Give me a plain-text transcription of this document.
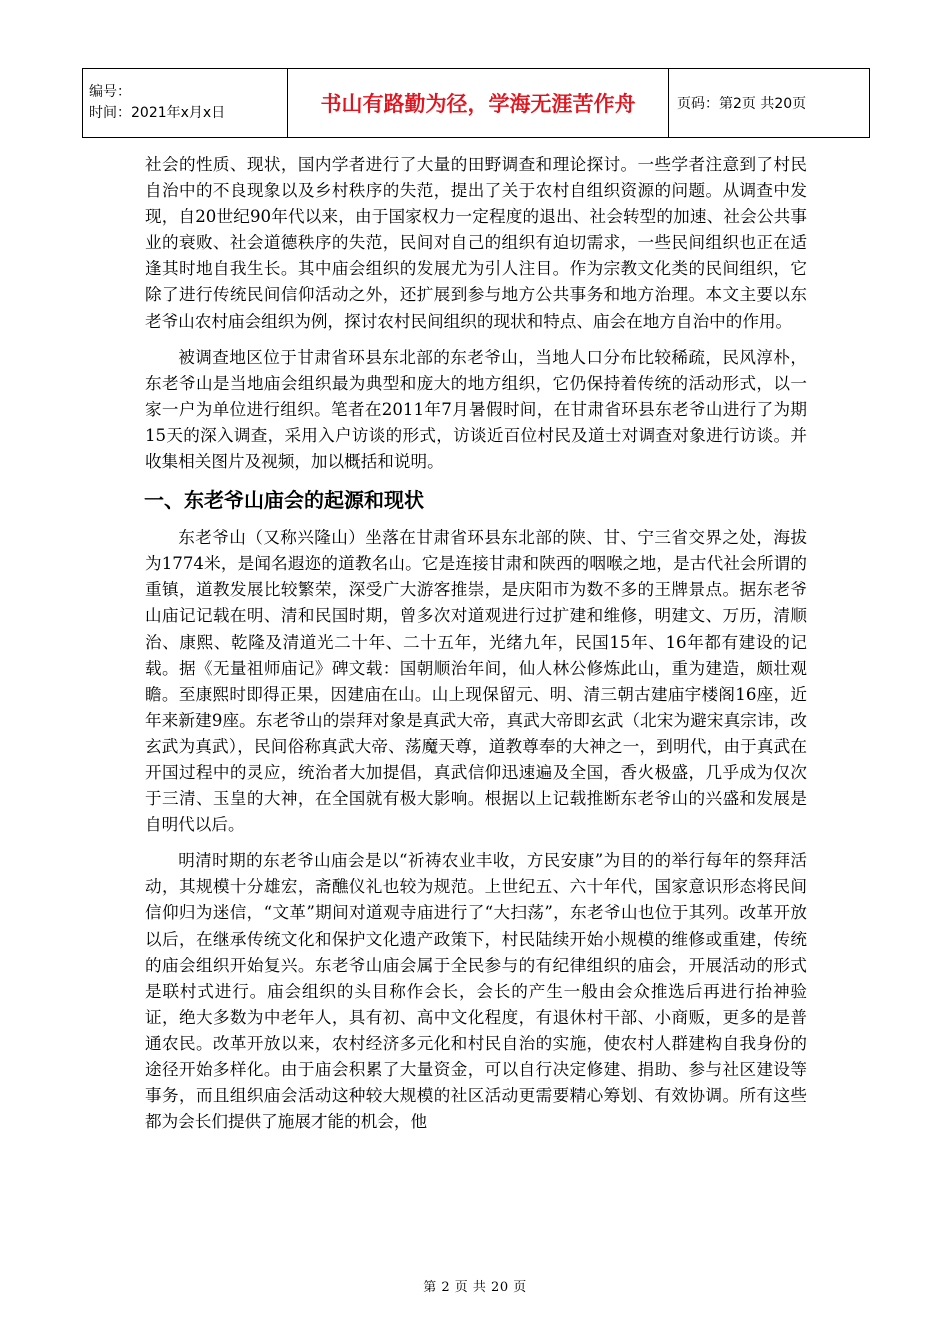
编号：
时间：2021年x月x日	书山有路勤为径，学海无涯苦作舟	页码：第2页 共20页

社会的性质、现状，国内学者进行了大量的田野调查和理论探讨。一些学者注意到了村民自治中的不良现象以及乡村秩序的失范，提出了关于农村自组织资源的问题。从调查中发现，自20世纪90年代以来，由于国家权力一定程度的退出、社会转型的加速、社会公共事业的衰败、社会道德秩序的失范，民间对自己的组织有迫切需求，一些民间组织也正在适逢其时地自我生长。其中庙会组织的发展尤为引人注目。作为宗教文化类的民间组织，它除了进行传统民间信仰活动之外，还扩展到参与地方公共事务和地方治理。本文主要以东老爷山农村庙会组织为例，探讨农村民间组织的现状和特点、庙会在地方自治中的作用。

被调查地区位于甘肃省环县东北部的东老爷山，当地人口分布比较稀疏，民风淳朴，东老爷山是当地庙会组织最为典型和庞大的地方组织，它仍保持着传统的活动形式，以一家一户为单位进行组织。笔者在2011年7月暑假时间，在甘肃省环县东老爷山进行了为期15天的深入调查，采用入户访谈的形式，访谈近百位村民及道士对调查对象进行访谈。并收集相关图片及视频，加以概括和说明。

一、东老爷山庙会的起源和现状

东老爷山（又称兴隆山）坐落在甘肃省环县东北部的陕、甘、宁三省交界之处，海拔为1774米，是闻名遐迩的道教名山。它是连接甘肃和陕西的咽喉之地，是古代社会所谓的重镇，道教发展比较繁荣，深受广大游客推崇，是庆阳市为数不多的王牌景点。据东老爷山庙记记载在明、清和民国时期，曾多次对道观进行过扩建和维修，明建文、万历，清顺治、康熙、乾隆及清道光二十年、二十五年，光绪九年，民国15年、16年都有建设的记载。据《无量祖师庙记》碑文载：国朝顺治年间，仙人林公修炼此山，重为建造，颇壮观瞻。至康熙时即得正果，因建庙在山。山上现保留元、明、清三朝古建庙宇楼阁16座，近年来新建9座。东老爷山的崇拜对象是真武大帝，真武大帝即玄武（北宋为避宋真宗讳，改玄武为真武），民间俗称真武大帝、荡魔天尊，道教尊奉的大神之一，到明代，由于真武在开国过程中的灵应，统治者大加提倡，真武信仰迅速遍及全国，香火极盛，几乎成为仅次于三清、玉皇的大神，在全国就有极大影响。根据以上记载推断东老爷山的兴盛和发展是自明代以后。

明清时期的东老爷山庙会是以“祈祷农业丰收，方民安康”为目的的举行每年的祭拜活动，其规模十分雄宏，斋醮仪礼也较为规范。上世纪五、六十年代，国家意识形态将民间信仰归为迷信，“文革”期间对道观寺庙进行了“大扫荡”，东老爷山也位于其列。改革开放以后，在继承传统文化和保护文化遗产政策下，村民陆续开始小规模的维修或重建，传统的庙会组织开始复兴。东老爷山庙会属于全民参与的有纪律组织的庙会，开展活动的形式是联村式进行。庙会组织的头目称作会长，会长的产生一般由会众推选后再进行抬神验证，绝大多数为中老年人，具有初、高中文化程度，有退休村干部、小商贩，更多的是普通农民。改革开放以来，农村经济多元化和村民自治的实施，使农村人群建构自我身份的途径开始多样化。由于庙会积累了大量资金，可以自行决定修建、捐助、参与社区建设等事务，而且组织庙会活动这种较大规模的社区活动更需要精心筹划、有效协调。所有这些都为会长们提供了施展才能的机会，他

第 2 页 共 20 页
